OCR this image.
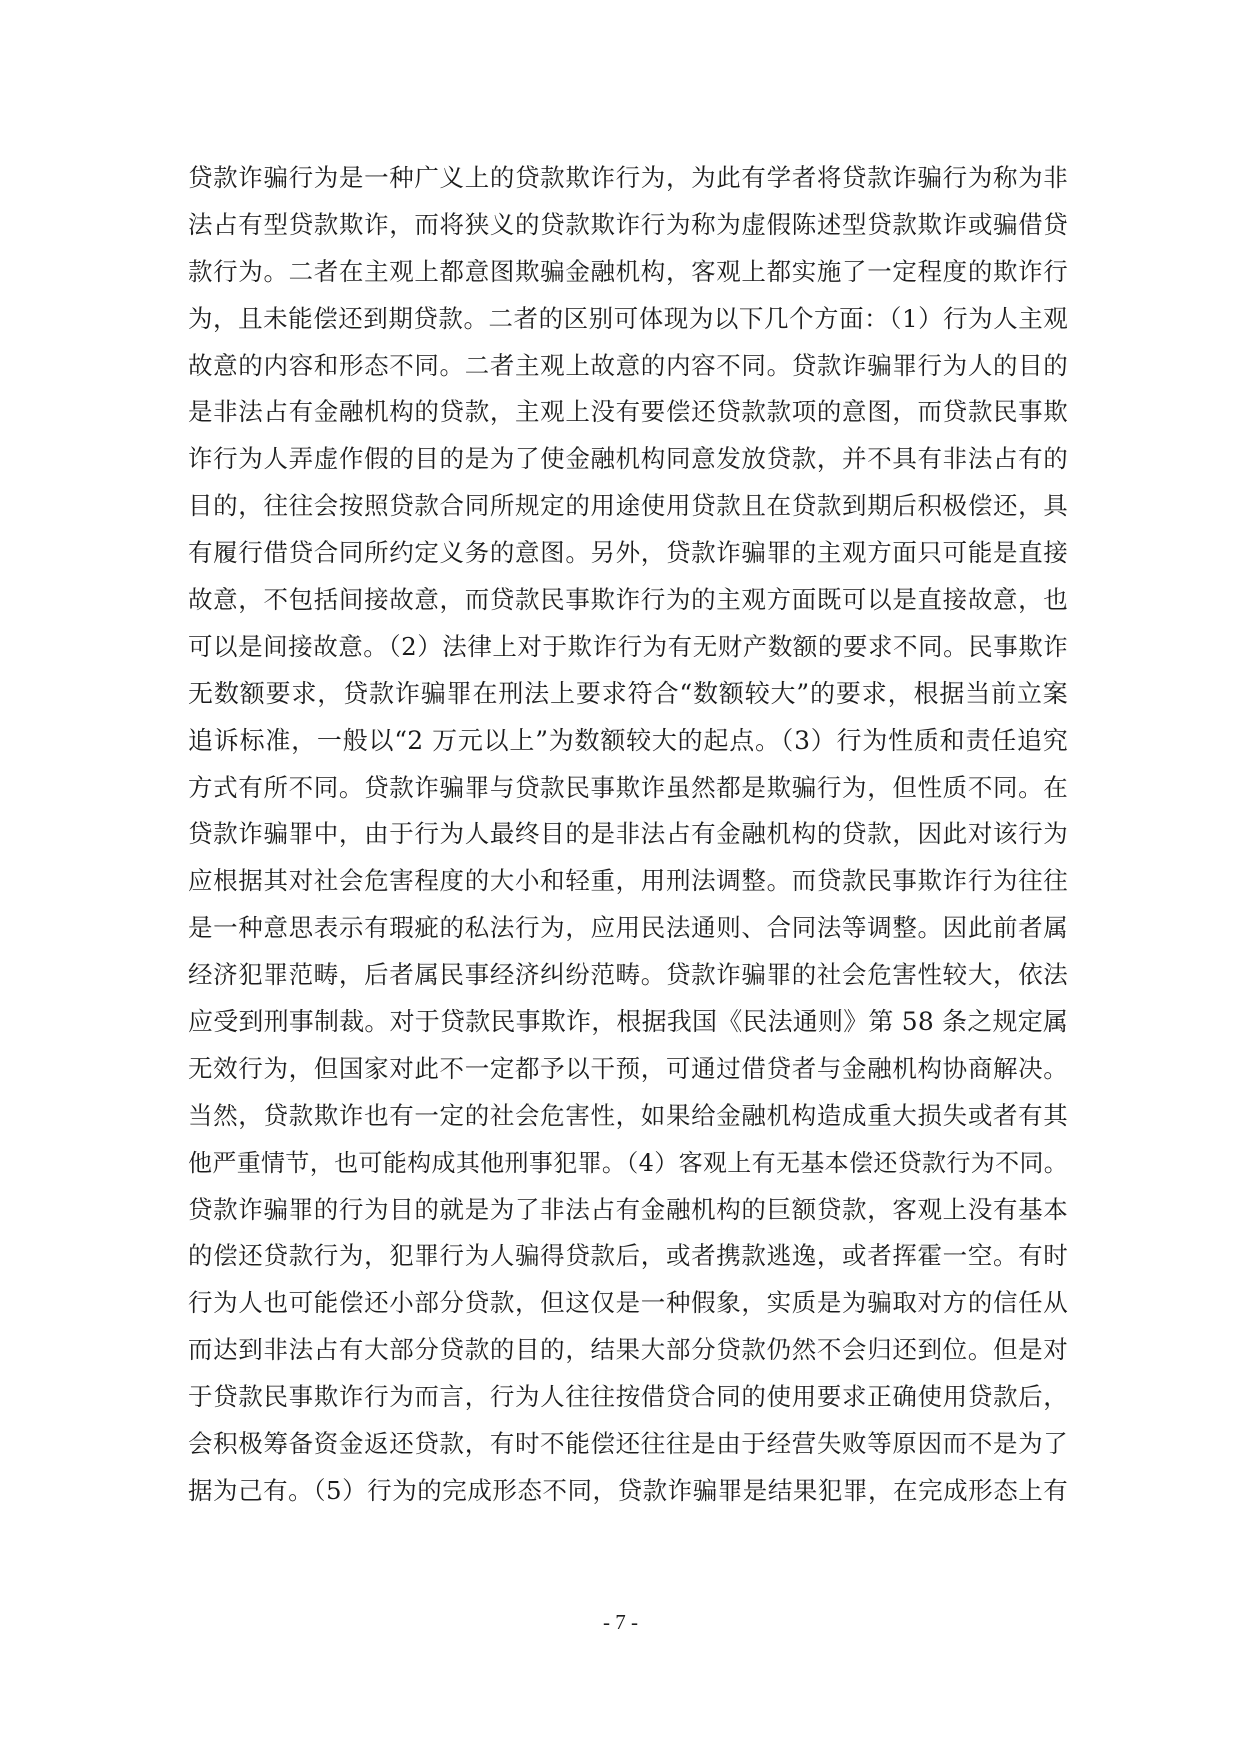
贷款诈骗行为是一种广义上的贷款欺诈行为，为此有学者将贷款诈骗行为称为非
法占有型贷款欺诈，而将狭义的贷款欺诈行为称为虚假陈述型贷款欺诈或骗借贷
款行为。二者在主观上都意图欺骗金融机构，客观上都实施了一定程度的欺诈行
为，且未能偿还到期贷款。二者的区别可体现为以下几个方面：（1）行为人主观
故意的内容和形态不同。二者主观上故意的内容不同。贷款诈骗罪行为人的目的
是非法占有金融机构的贷款，主观上没有要偿还贷款款项的意图，而贷款民事欺
诈行为人弄虚作假的目的是为了使金融机构同意发放贷款，并不具有非法占有的
目的，往往会按照贷款合同所规定的用途使用贷款且在贷款到期后积极偿还，具
有履行借贷合同所约定义务的意图。另外，贷款诈骗罪的主观方面只可能是直接
故意，不包括间接故意，而贷款民事欺诈行为的主观方面既可以是直接故意，也
可以是间接故意。（2）法律上对于欺诈行为有无财产数额的要求不同。民事欺诈
无数额要求，贷款诈骗罪在刑法上要求符合“数额较大”的要求，根据当前立案
追诉标准，一般以“2 万元以上”为数额较大的起点。（3）行为性质和责任追究
方式有所不同。贷款诈骗罪与贷款民事欺诈虽然都是欺骗行为，但性质不同。在
贷款诈骗罪中，由于行为人最终目的是非法占有金融机构的贷款，因此对该行为
应根据其对社会危害程度的大小和轻重，用刑法调整。而贷款民事欺诈行为往往
是一种意思表示有瑕疵的私法行为，应用民法通则、合同法等调整。因此前者属
经济犯罪范畴，后者属民事经济纠纷范畴。贷款诈骗罪的社会危害性较大，依法
应受到刑事制裁。对于贷款民事欺诈，根据我国《民法通则》第 58 条之规定属
无效行为，但国家对此不一定都予以干预，可通过借贷者与金融机构协商解决。
当然，贷款欺诈也有一定的社会危害性，如果给金融机构造成重大损失或者有其
他严重情节，也可能构成其他刑事犯罪。（4）客观上有无基本偿还贷款行为不同。
贷款诈骗罪的行为目的就是为了非法占有金融机构的巨额贷款，客观上没有基本
的偿还贷款行为，犯罪行为人骗得贷款后，或者携款逃逸，或者挥霍一空。有时
行为人也可能偿还小部分贷款，但这仅是一种假象，实质是为骗取对方的信任从
而达到非法占有大部分贷款的目的，结果大部分贷款仍然不会归还到位。但是对
于贷款民事欺诈行为而言，行为人往往按借贷合同的使用要求正确使用贷款后，
会积极筹备资金返还贷款，有时不能偿还往往是由于经营失败等原因而不是为了
据为己有。（5）行为的完成形态不同，贷款诈骗罪是结果犯罪，在完成形态上有
- 7 -
